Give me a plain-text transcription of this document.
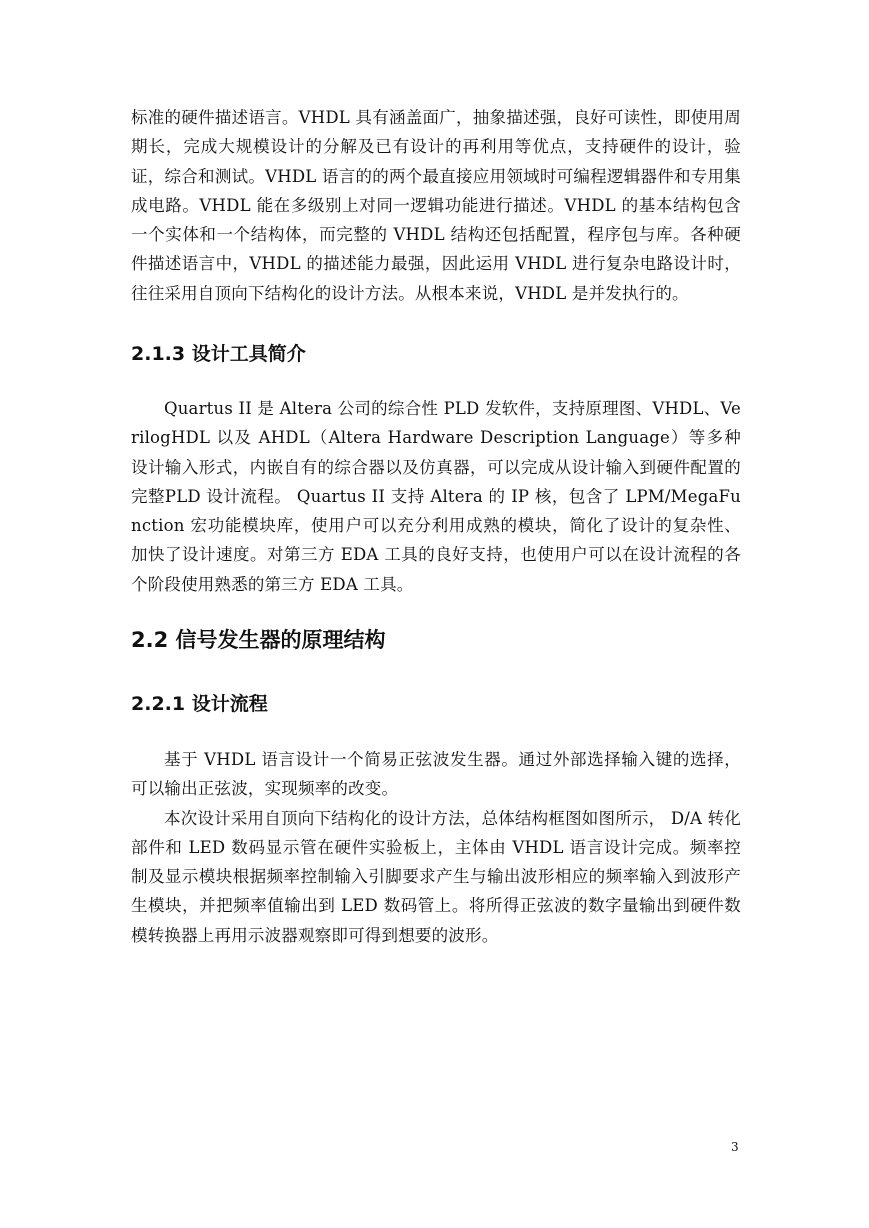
标准的硬件描述语言。VHDL 具有涵盖面广，抽象描述强，良好可读性，即使用周期长，完成大规模设计的分解及已有设计的再利用等优点，支持硬件的设计，验证，综合和测试。VHDL 语言的的两个最直接应用领域时可编程逻辑器件和专用集成电路。VHDL 能在多级别上对同一逻辑功能进行描述。VHDL 的基本结构包含一个实体和一个结构体，而完整的 VHDL 结构还包括配置，程序包与库。各种硬件描述语言中，VHDL 的描述能力最强，因此运用 VHDL 进行复杂电路设计时，往往采用自顶向下结构化的设计方法。从根本来说，VHDL 是并发执行的。

2.1.3 设计工具简介

Quartus II 是 Altera 公司的综合性 PLD 发软件，支持原理图、VHDL、VerilogHDL 以及 AHDL（Altera Hardware Description Language）等多种设计输入形式，内嵌自有的综合器以及仿真器，可以完成从设计输入到硬件配置的完整PLD 设计流程。 Quartus II 支持 Altera 的 IP 核，包含了 LPM/MegaFunction 宏功能模块库，使用户可以充分利用成熟的模块，简化了设计的复杂性、加快了设计速度。对第三方 EDA 工具的良好支持，也使用户可以在设计流程的各个阶段使用熟悉的第三方 EDA 工具。

2.2 信号发生器的原理结构
2.2.1 设计流程

基于 VHDL 语言设计一个简易正弦波发生器。通过外部选择输入键的选择，可以输出正弦波，实现频率的改变。

本次设计采用自顶向下结构化的设计方法，总体结构框图如图所示， D/A 转化部件和 LED 数码显示管在硬件实验板上，主体由 VHDL 语言设计完成。频率控制及显示模块根据频率控制输入引脚要求产生与输出波形相应的频率输入到波形产生模块，并把频率值输出到 LED 数码管上。将所得正弦波的数字量输出到硬件数模转换器上再用示波器观察即可得到想要的波形。

3
